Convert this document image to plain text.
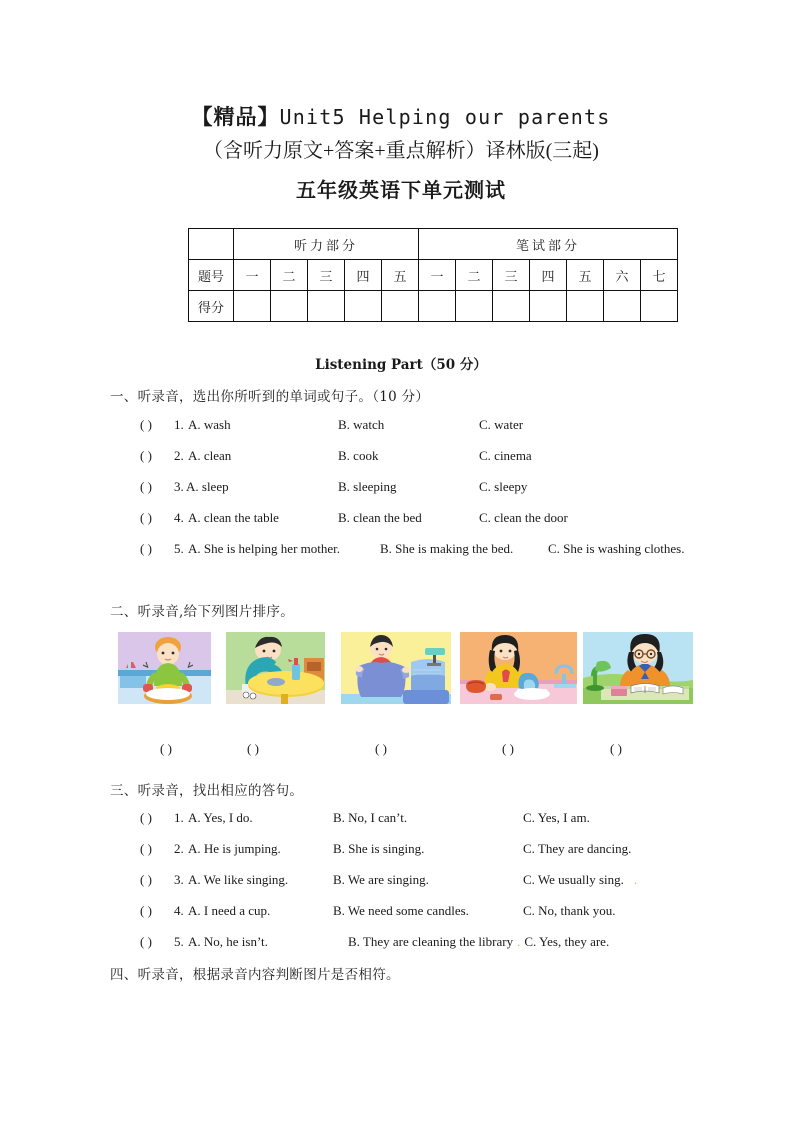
【精品】Unit5 Helping our parents
（含听力原文+答案+重点解析）译林版(三起)
五年级英语下单元测试
	听力部分					笔试部分						
题号	一	二	三	四	五	一	二	三	四	五	六	七
得分												
Listening Part（50 分）
一、听录音，选出你所听到的单词或句子。（10 分）
( ) 1. A. wash	B. watch	C. water
( ) 2. A. clean	B. cook	C. cinema
( ) 3. A. sleep	B. sleeping	C. sleepy
( ) 4. A. clean the table	B. clean the bed	C. clean the door
( ) 5. A. She is helping her mother.	B. She is making the bed.	C. She is washing clothes.
二、听录音,给下列图片排序。
( )	( )	( )	( )	( )
三、听录音，找出相应的答句。
( ) 1. A. Yes, I do.	B. No, I can’t.	C. Yes, I am.
( ) 2. A. He is jumping.	B. She is singing.	C. They are dancing.
( ) 3. A. We like singing.	B. We are singing.	C. We usually sing. .
( ) 4. A. I need a cup.	B. We need some candles.	C. No, thank you.
( ) 5. A. No, he isn’t.	B. They are cleaning the library . C. Yes, they are.
四、听录音，根据录音内容判断图片是否相符。
